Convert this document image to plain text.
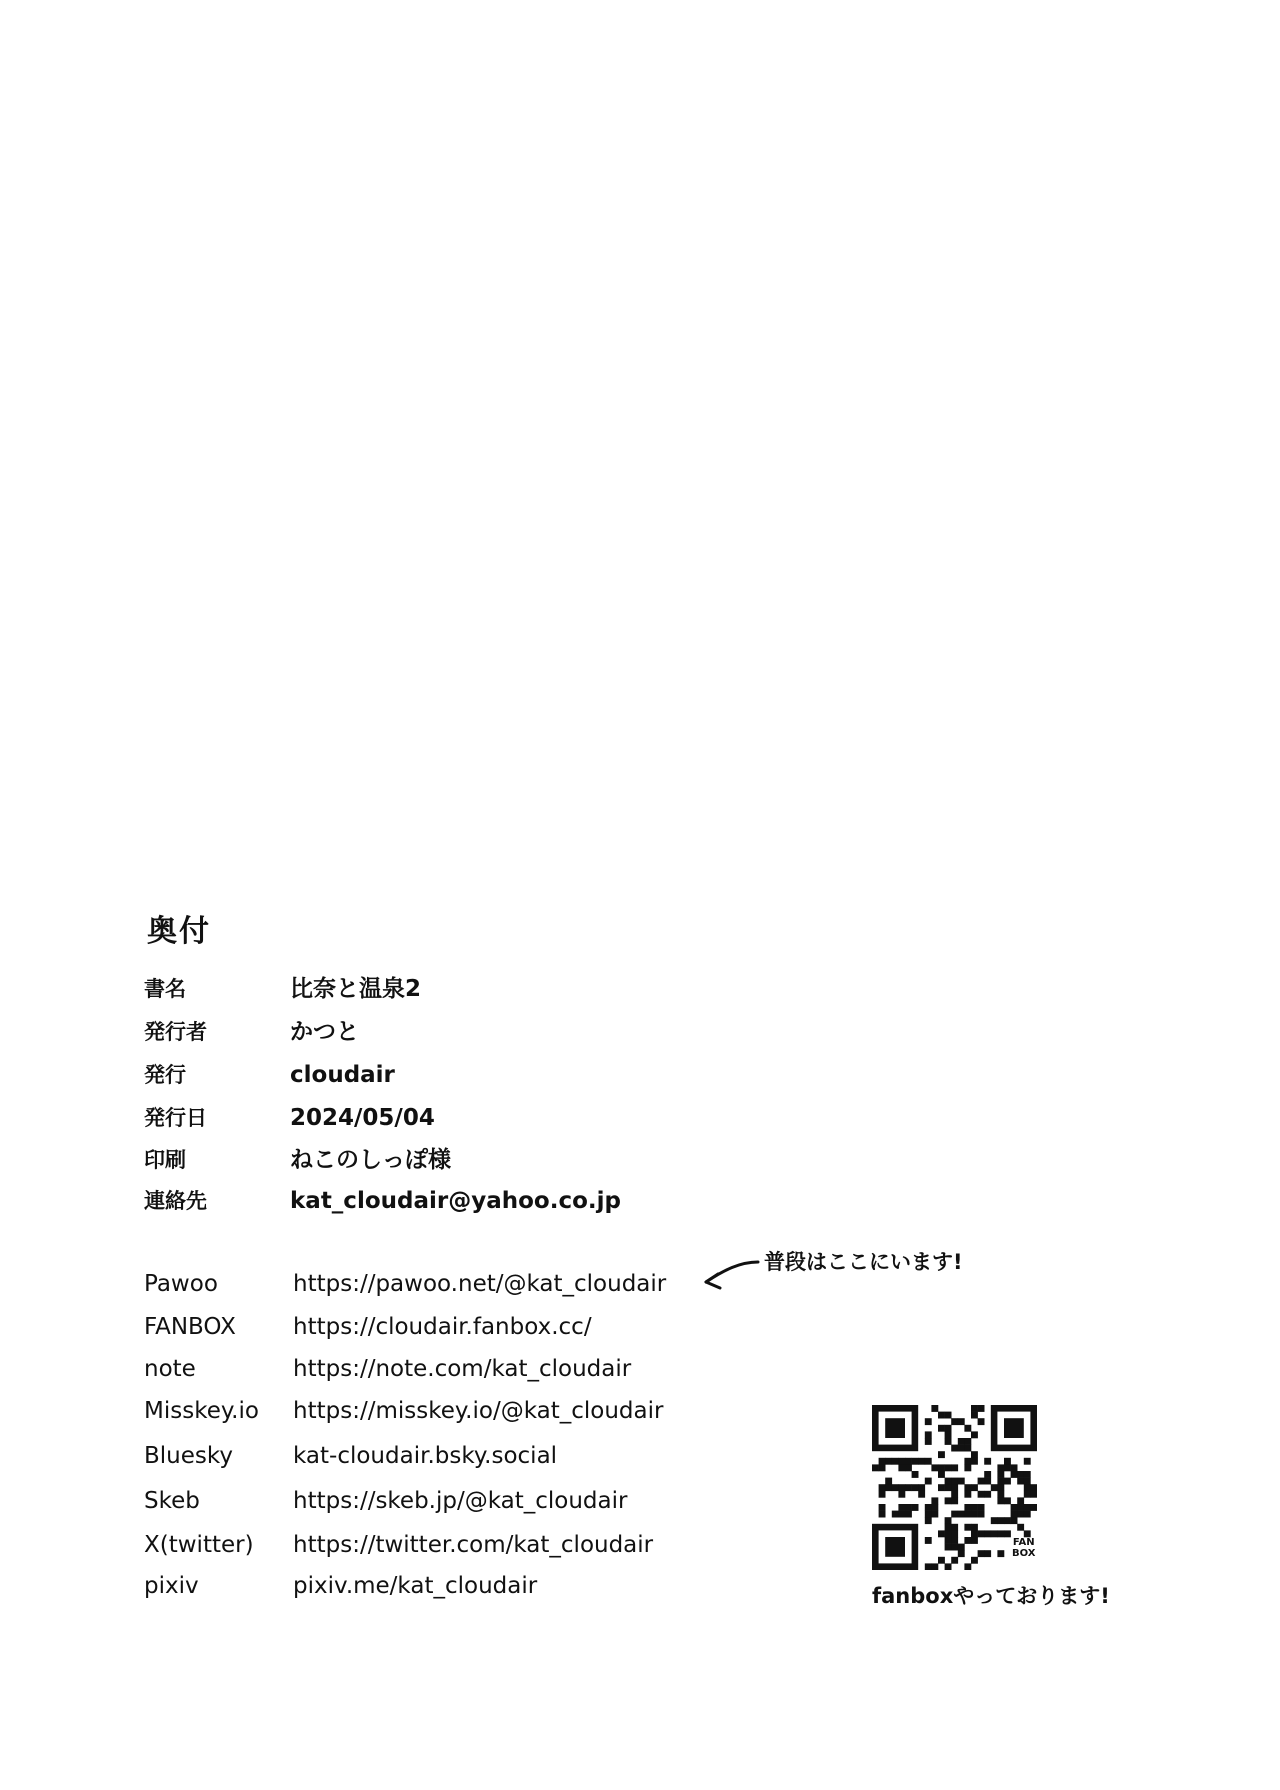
奥付
書名	比奈と温泉2
発行者	かつと
発行	cloudair
発行日	2024/05/04
印刷	ねこのしっぽ様
連絡先	kat_cloudair@yahoo.co.jp
Pawoo	https://pawoo.net/@kat_cloudair
FANBOX https://cloudair.fanbox.cc/
note	https://note.com/kat_cloudair
Misskey.io https://misskey.io/@kat_cloudair
Bluesky	kat-cloudair.bsky.social
Skeb	https://skeb.jp/@kat_cloudair
X(twitter) https://twitter.com/kat_cloudair
pixiv	pixiv.me/kat_cloudair
普段はここにいます!
FAN
BOX
fanboxやっております!
